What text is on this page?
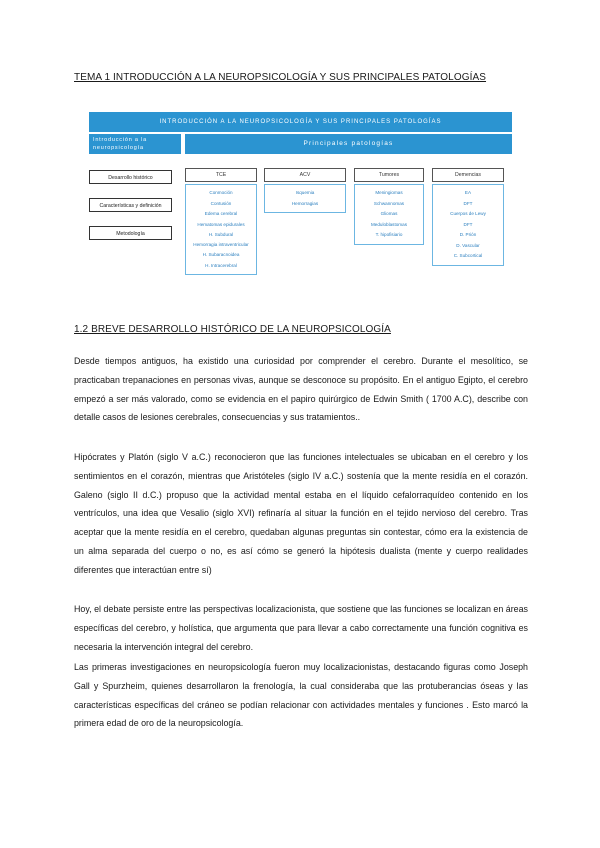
TEMA 1 INTRODUCCIÓN A LA NEUROPSICOLOGÍA Y SUS PRINCIPALES PATOLOGÍAS
INTRODUCCIÓN A LA NEUROPSICOLOGÍA Y SUS PRINCIPALES PATOLOGÍAS
Introducción a la neuropsicología
Principales patologías
Desarrollo histórico
Características y definición
Metodología
TCE
Conmoción
Contusión
Edema cerebral
Hematomas epidurales
H. Subdural
Hemorragia intraventricular
H. Subaracnoidea
H. Intracerebral
ACV
Isquemia
Hemorragias
Tumores
Meningiomas
Schwannomas
Gliomas
Meduloblastomas
T. hipofisiario
Demencias
EA
DFT
Cuerpos de Lewy
DFT
D. Prión
D. Vascular
C. Subcortical
1.2 BREVE DESARROLLO HISTÓRICO DE LA NEUROPSICOLOGÍA

Desde tiempos antiguos, ha existido una curiosidad por comprender el cerebro. Durante el mesolítico, se practicaban trepanaciones en personas vivas, aunque se desconoce su propósito. En el antiguo Egipto, el cerebro empezó a ser más valorado, como se evidencia en el papiro quirúrgico de Edwin Smith ( 1700 A.C), describe con detalle casos de lesiones cerebrales, consecuencias y sus tratamientos..

Hipócrates y Platón (siglo V a.C.) reconocieron que las funciones intelectuales se ubicaban en el cerebro y los sentimientos en el corazón, mientras que Aristóteles (siglo IV a.C.) sostenía que la mente residía en el corazón. Galeno (siglo II d.C.) propuso que la actividad mental estaba en el líquido cefalorraquídeo contenido en los ventrículos, una idea que Vesalio (siglo XVI) refinaría al situar la función en el tejido nervioso del cerebro. Tras aceptar que la mente residía en el cerebro, quedaban algunas preguntas sin contestar, cómo era la existencia de un alma separada del cuerpo o no, es así cómo se generó la hipótesis dualista (mente y cuerpo realidades diferentes que interactúan entre sí)

Hoy, el debate persiste entre las perspectivas localizacionista, que sostiene que las funciones se localizan en áreas específicas del cerebro, y holística, que argumenta que para llevar a cabo correctamente una función cognitiva es necesaria la intervención integral del cerebro.

Las primeras investigaciones en neuropsicología fueron muy localizacionistas, destacando figuras como Joseph Gall y Spurzheim, quienes desarrollaron la frenología, la cual consideraba que las protuberancias óseas y las características específicas del cráneo se podían relacionar con actividades mentales y funciones . Esto marcó la primera edad de oro de la neuropsicología.
